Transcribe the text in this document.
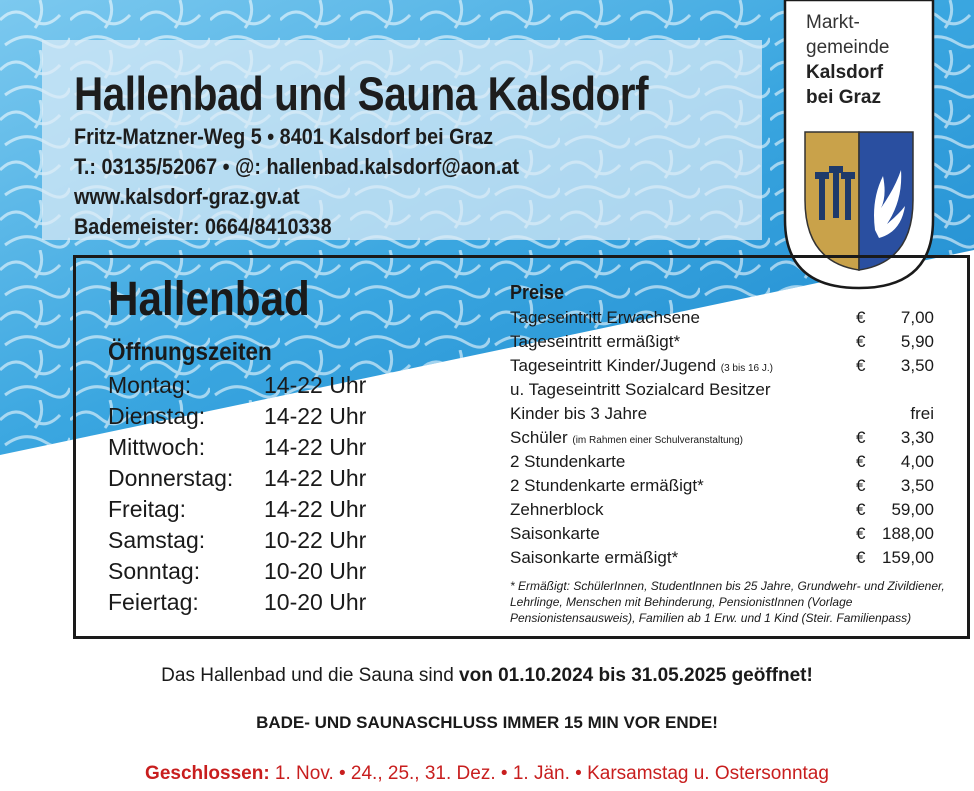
Hallenbad und Sauna Kalsdorf
Fritz-Matzner-Weg 5 • 8401 Kalsdorf bei Graz
T.: 03135/52067 • @: hallenbad.kalsdorf@aon.at
www.kalsdorf-graz.gv.at
Bademeister: 0664/8410338
Markt-
gemeinde
Kalsdorf
bei Graz
Hallenbad
Öffnungszeiten
Montag:	14-22 Uhr
Dienstag:	14-22 Uhr
Mittwoch:	14-22 Uhr
Donnerstag: 14-22 Uhr
Freitag:	14-22 Uhr
Samstag:	10-22 Uhr
Sonntag:	10-20 Uhr
Feiertag:	10-20 Uhr
Preise
Tageseintritt Erwachsene	€ 7,00
Tageseintritt ermäßigt*	€ 5,90
Tageseintritt Kinder/Jugend (3 bis 16 J.)	€ 3,50
u. Tageseintritt Sozialcard Besitzer
Kinder bis 3 Jahre	frei
Schüler (im Rahmen einer Schulveranstaltung)	€ 3,30
2 Stundenkarte	€ 4,00
2 Stundenkarte ermäßigt*	€ 3,50
Zehnerblock	€ 59,00
Saisonkarte	€ 188,00
Saisonkarte ermäßigt*	€ 159,00
* Ermäßigt: SchülerInnen, StudentInnen bis 25 Jahre, Grundwehr- und Zivildiener, Lehrlinge, Menschen mit Behinderung, PensionistInnen (Vorlage Pensionistensausweis), Familien ab 1 Erw. und 1 Kind (Steir. Familienpass)
Das Hallenbad und die Sauna sind von 01.10.2024 bis 31.05.2025 geöffnet!
BADE- UND SAUNASCHLUSS IMMER 15 MIN VOR ENDE!
Geschlossen: 1. Nov. • 24., 25., 31. Dez. • 1. Jän. • Karsamstag u. Ostersonntag
